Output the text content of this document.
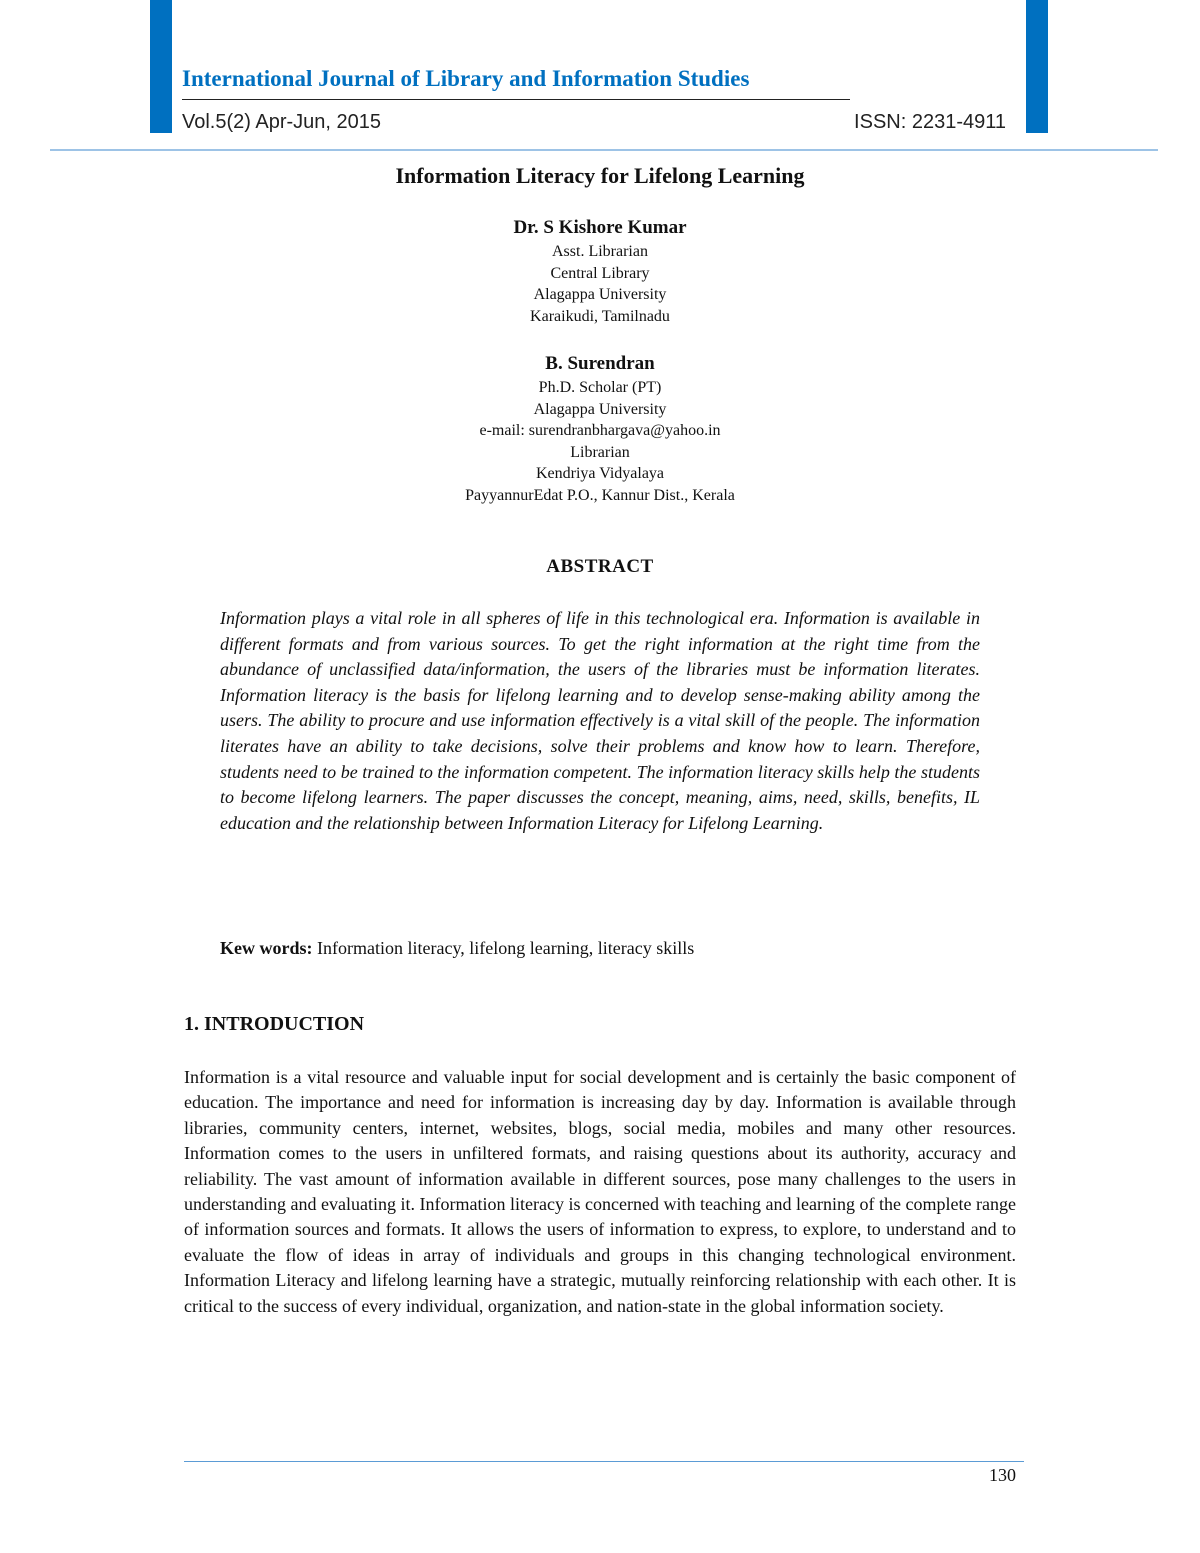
International Journal of Library and Information Studies
Vol.5(2) Apr-Jun, 2015	ISSN: 2231-4911
Information Literacy for Lifelong Learning
Dr. S Kishore Kumar
Asst. Librarian
Central Library
Alagappa University
Karaikudi, Tamilnadu
B. Surendran
Ph.D. Scholar (PT)
Alagappa University
e-mail: surendranbhargava@yahoo.in
Librarian
Kendriya Vidyalaya
PayyannurEdat P.O., Kannur Dist., Kerala
ABSTRACT
Information plays a vital role in all spheres of life in this technological era. Information is available in different formats and from various sources. To get the right information at the right time from the abundance of unclassified data/information, the users of the libraries must be information literates. Information literacy is the basis for lifelong learning and to develop sense-making ability among the users. The ability to procure and use information effectively is a vital skill of the people. The information literates have an ability to take decisions, solve their problems and know how to learn. Therefore, students need to be trained to the information competent. The information literacy skills help the students to become lifelong learners. The paper discusses the concept, meaning, aims, need, skills, benefits, IL education and the relationship between Information Literacy for Lifelong Learning.
Kew words: Information literacy, lifelong learning, literacy skills
1. INTRODUCTION
Information is a vital resource and valuable input for social development and is certainly the basic component of education. The importance and need for information is increasing day by day. Information is available through libraries, community centers, internet, websites, blogs, social media, mobiles and many other resources. Information comes to the users in unfiltered formats, and raising questions about its authority, accuracy and reliability. The vast amount of information available in different sources, pose many challenges to the users in understanding and evaluating it. Information literacy is concerned with teaching and learning of the complete range of information sources and formats. It allows the users of information to express, to explore, to understand and to evaluate the flow of ideas in array of individuals and groups in this changing technological environment. Information Literacy and lifelong learning have a strategic, mutually reinforcing relationship with each other. It is critical to the success of every individual, organization, and nation-state in the global information society.
130
